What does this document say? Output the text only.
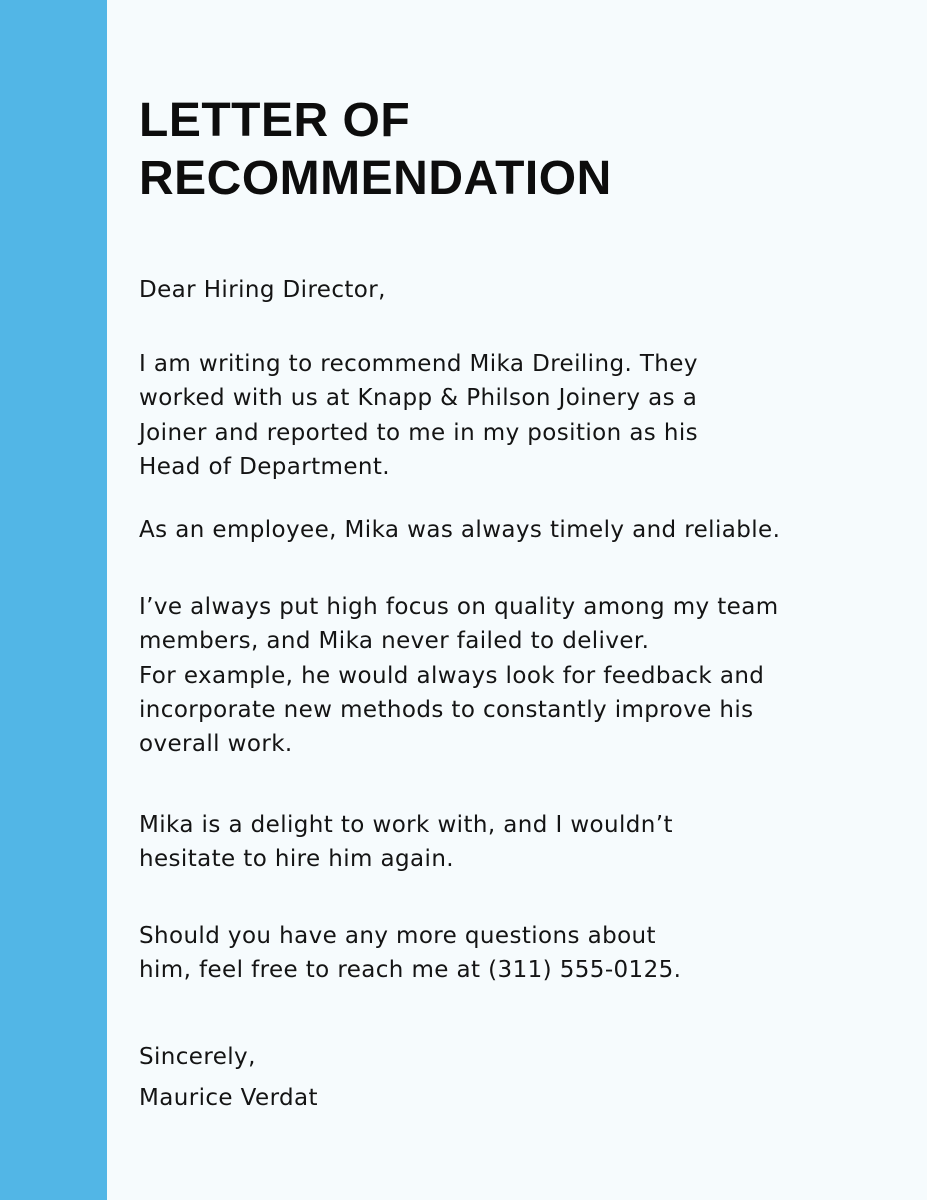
LETTER OF
RECOMMENDATION

Dear Hiring Director,

I am writing to recommend Mika Dreiling. They
worked with us at Knapp & Philson Joinery as a
Joiner and reported to me in my position as his
Head of Department.

As an employee, Mika was always timely and reliable.

I’ve always put high focus on quality among my team
members, and Mika never failed to deliver.
For example, he would always look for feedback and
incorporate new methods to constantly improve his
overall work.

Mika is a delight to work with, and I wouldn’t
hesitate to hire him again.

Should you have any more questions about
him, feel free to reach me at (311) 555-0125.

Sincerely,
Maurice Verdat
